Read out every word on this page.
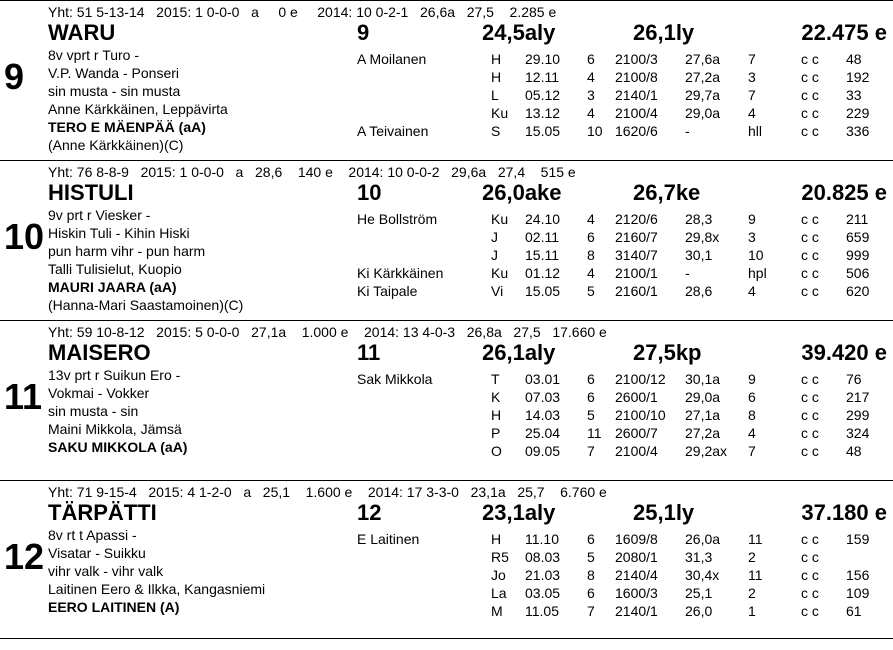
9
Yht: 51 5-13-14   2015: 1 0-0-0   a     0 e     2014: 10 0-2-1   26,6a   27,5    2.285 e
WARU	9	24,5aly	26,1ly	22.475 e
8v vprt r Turo -
V.P. Wanda - Ponseri
sin musta - sin musta
Anne Kärkkäinen, Leppävirta
TERO E MÄENPÄÄ (aA)
(Anne Kärkkäinen)(C)
A Moilanen	H 29.10 6 2100/3 27,6a 7	c c 48
H 12.11 4 2100/8 27,2a 3	c c 192
L 05.12 3 2140/1 29,7a 7	c c 33
Ku 13.12 4 2100/4 29,0a 4	c c 229
A Teivainen	S 15.05 10 1620/6 -	hll	c c 336
10
Yht: 76 8-8-9   2015: 1 0-0-0   a   28,6    140 e    2014: 10 0-0-2   29,6a   27,4    515 e
HISTULI	10	26,0ake	26,7ke	20.825 e
9v prt r Viesker -
Hiskin Tuli - Kihin Hiski
pun harm vihr - pun harm
Talli Tulisielut, Kuopio
MAURI JAARA (aA)
(Hanna-Mari Saastamoinen)(C)
He Bollström	Ku 24.10 4 2120/6 28,3	9	c c 211
J 02.11 6 2160/7 29,8x 3	c c 659
J 15.11 8 3140/7 30,1	10	c c 999
Ki Kärkkäinen	Ku 01.12 4 2100/1 -	hpl c c 506
Ki Taipale	Vi 15.05 5 2160/1 28,6	4	c c 620
11
Yht: 59 10-8-12   2015: 5 0-0-0   27,1a    1.000 e    2014: 13 4-0-3   26,8a   27,5   17.660 e
MAISERO	11	26,1aly	27,5kp	39.420 e
13v prt r Suikun Ero -
Vokmai - Vokker
sin musta - sin
Maini Mikkola, Jämsä
SAKU MIKKOLA (aA)
Sak Mikkola	T 03.01 6 2100/12 30,1a 9	c c 76
K 07.03 6 2600/1 29,0a 6	c c 217
H 14.03 5 2100/10 27,1a 8	c c 299
P 25.04 11 2600/7 27,2a 4	c c 324
O 09.05 7 2100/4 29,2ax 7	c c 48
12
Yht: 71 9-15-4   2015: 4 1-2-0   a   25,1    1.600 e    2014: 17 3-3-0   23,1a   25,7    6.760 e
TÄRPÄTTI	12	23,1aly	25,1ly	37.180 e
8v rt t Apassi -
Visatar - Suikku
vihr valk - vihr valk
Laitinen Eero & Ilkka, Kangasniemi
EERO LAITINEN (A)
E Laitinen	H 11.10 6 1609/8 26,0a 11	c c 159
R5 08.03 5 2080/1 31,3	2	c c
Jo 21.03 8 2140/4 30,4x 11	c c 156
La 03.05 6 1600/3 25,1	2	c c 109
M 11.05 7 2140/1 26,0	1	c c 61
